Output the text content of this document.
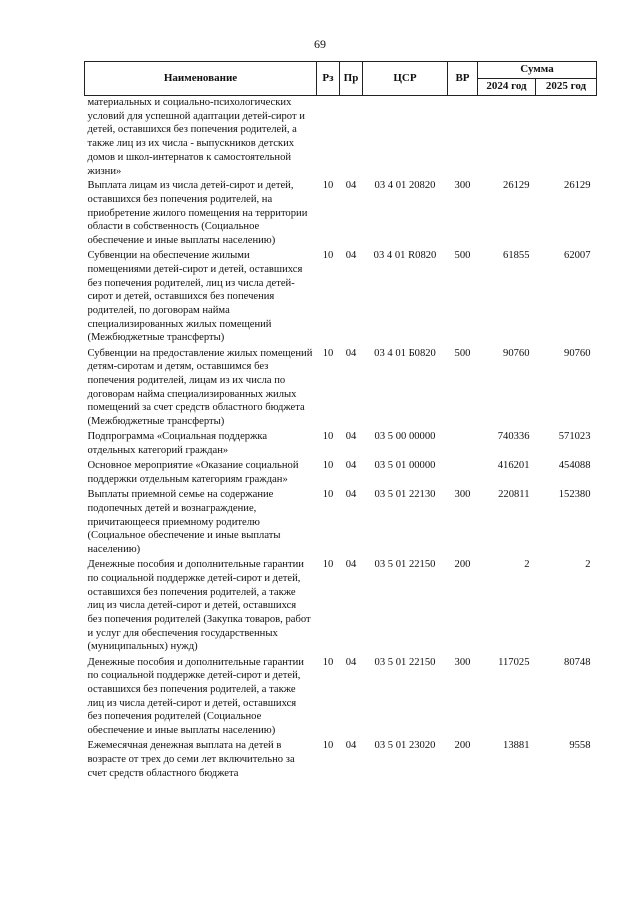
69
Наименование	Рз	Пр	ЦСР	ВР	Сумма	
					2024 год	2025 год
материальных и социально-психологических условий для успешной адаптации детей-сирот и детей, оставшихся без попечения родителей, а также лиц из их числа - выпускников детских домов и школ-интернатов к самостоятельной жизни»						
Выплата лицам из числа детей-сирот и детей, оставшихся без попечения родителей, на приобретение жилого помещения на территории области в собственность (Социальное обеспечение и иные выплаты населению)	10	04	03 4 01 20820	300	26129	26129
Субвенции на обеспечение жилыми помещениями детей-сирот и детей, оставшихся без попечения родителей, лиц из числа детей-сирот и детей, оставшихся без попечения родителей, по договорам найма специализированных жилых помещений (Межбюджетные трансферты)	10	04	03 4 01 R0820	500	61855	62007
Субвенции на предоставление жилых помещений детям-сиротам и детям, оставшимся без попечения родителей, лицам из их числа по договорам найма специализированных жилых помещений за счет средств областного бюджета (Межбюджетные трансферты)	10	04	03 4 01 Б0820	500	90760	90760
Подпрограмма «Социальная поддержка отдельных категорий граждан»	10	04	03 5 00 00000		740336	571023
Основное мероприятие «Оказание социальной поддержки отдельным категориям граждан»	10	04	03 5 01 00000		416201	454088
Выплаты приемной семье на содержание подопечных детей и вознаграждение, причитающееся приемному родителю (Социальное обеспечение и иные выплаты населению)	10	04	03 5 01 22130	300	220811	152380
Денежные пособия и дополнительные гарантии по социальной поддержке детей-сирот и детей, оставшихся без попечения родителей, а также лиц из числа детей-сирот и детей, оставшихся без попечения родителей (Закупка товаров, работ и услуг для обеспечения государственных (муниципальных) нужд)	10	04	03 5 01 22150	200	2	2
Денежные пособия и дополнительные гарантии по социальной поддержке детей-сирот и детей, оставшихся без попечения родителей, а также лиц из числа детей-сирот и детей, оставшихся без попечения родителей (Социальное обеспечение и иные выплаты населению)	10	04	03 5 01 22150	300	117025	80748
Ежемесячная денежная выплата на детей в возрасте от трех до семи лет включительно за счет средств областного бюджета	10	04	03 5 01 23020	200	13881	9558
